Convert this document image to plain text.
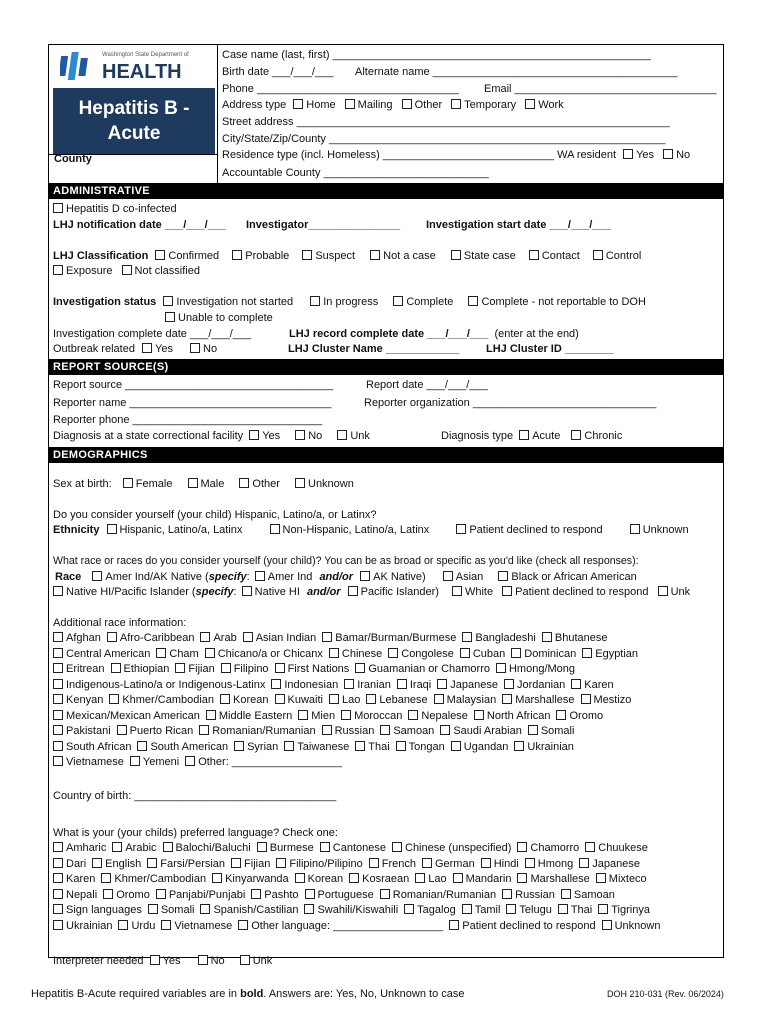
Washington State Department of
HEALTH
Hepatitis B -
Acute
County
Case name (last, first) ____________________________________________________
Birth date ___/___/___ Alternate name ________________________________________
Phone _________________________________ Email _________________________________
Address type Home Mailing Other Temporary Work
Street address _____________________________________________________________
City/State/Zip/County _______________________________________________________
Residence type (incl. Homeless) ____________________________ WA resident Yes No
Accountable County ___________________________
ADMINISTRATIVE
Hepatitis D co-infected
LHJ notification date ___/___/___ Investigator_______________ Investigation start date ___/___/___
LHJ Classification Confirmed Probable Suspect	Not a case	State case Contact Control
Exposure Not classified
Investigation status Investigation not started	In progress	Complete	Complete - not reportable to DOH
Unable to complete
Investigation complete date ___/___/___	LHJ record complete date ___/___/___ (enter at the end)
Outbreak related Yes	No	LHJ Cluster Name ____________ LHJ Cluster ID ________
REPORT SOURCE(S)
Report source __________________________________	Report date ___/___/___
Reporter name _________________________________	Reporter organization ______________________________
Reporter phone _______________________________
Diagnosis at a state correctional facility Yes	No	Unk	Diagnosis type Acute Chronic
DEMOGRAPHICS
Sex at birth: Female	Male	Other	Unknown
Do you consider yourself (your child) Hispanic, Latino/a, or Latinx?
Ethnicity Hispanic, Latino/a, Latinx	Non-Hispanic, Latino/a, Latinx	Patient declined to respond	Unknown
What race or races do you consider yourself (your child)? You can be as broad or specific as you'd like (check all responses):
Race Amer Ind/AK Native (specify: Amer Ind and/or AK Native)	Asian	Black or African American
Native HI/Pacific Islander (specify: Native HI and/or Pacific Islander) White Patient declined to respond Unk
Additional race information:
Afghan Afro-Caribbean Arab Asian Indian Bamar/Burman/Burmese Bangladeshi Bhutanese
Central American Cham Chicano/a or Chicanx Chinese Congolese Cuban Dominican Egyptian
Eritrean Ethiopian Fijian Filipino First Nations Guamanian or Chamorro Hmong/Mong
Indigenous-Latino/a or Indigenous-Latinx Indonesian Iranian Iraqi Japanese Jordanian Karen
Kenyan Khmer/Cambodian Korean Kuwaiti Lao Lebanese Malaysian Marshallese Mestizo
Mexican/Mexican American Middle Eastern Mien Moroccan Nepalese North African Oromo
Pakistani Puerto Rican Romanian/Rumanian Russian Samoan Saudi Arabian Somali
South African South American Syrian Taiwanese Thai Tongan Ugandan Ukrainian
Vietnamese Yemeni Other: __________________
Country of birth: _________________________________
What is your (your childs) preferred language? Check one:
Amharic Arabic Balochi/Baluchi Burmese Cantonese Chinese (unspecified) Chamorro Chuukese
Dari English Farsi/Persian Fijian Filipino/Pilipino French German Hindi Hmong Japanese
Karen Khmer/Cambodian Kinyarwanda Korean Kosraean Lao Mandarin Marshallese Mixteco
Nepali Oromo Panjabi/Punjabi Pashto Portuguese Romanian/Rumanian Russian Samoan
Sign languages Somali Spanish/Castilian Swahili/Kiswahili Tagalog Tamil Telugu Thai Tigrinya
Ukrainian Urdu Vietnamese Other language: __________________ Patient declined to respond Unknown
Interpreter needed Yes	No	Unk
Hepatitis B-Acute required variables are in bold. Answers are: Yes, No, Unknown to case	DOH 210-031 (Rev. 06/2024)
